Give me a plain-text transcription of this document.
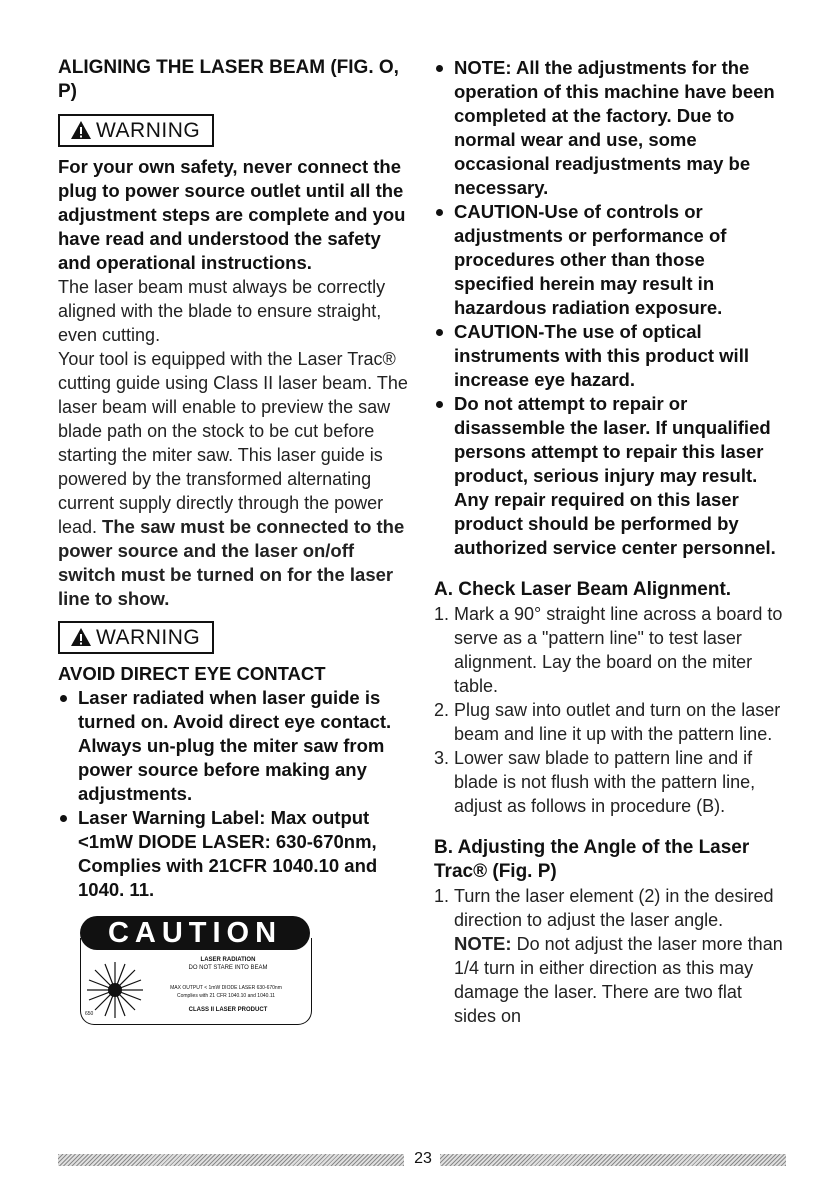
ALIGNING THE LASER BEAM (FIG. O, P)

WARNING

For your own safety, never connect the plug to power source outlet until all the adjustment steps are complete and you have read and understood the safety and operational instructions.

The laser beam must always be correctly aligned with the blade to ensure straight, even cutting.

Your tool is equipped with the Laser Trac® cutting guide using Class II laser beam. The laser beam will enable to preview the saw blade path on the stock to be cut before starting the miter saw. This laser guide is powered by the transformed alternating current supply directly through the power lead. The saw must be connected to the power source and the laser on/off switch must be turned on for the laser line to show.

WARNING

AVOID DIRECT EYE CONTACT

Laser radiated when laser guide is turned on. Avoid direct eye contact. Always un-plug the miter saw from power source before making any adjustments.
Laser Warning Label: Max output <1mW DIODE LASER: 630-670nm, Complies with 21CFR 1040.10 and 1040. 11.
LASER RADIATION
DO NOT STARE INTO BEAM
MAX OUTPUT < 1mW DIODE LASER 630-670nm
Complies with 21 CFR 1040.10 and 1040.11
CLASS II LASER PRODUCT
650
CAUTION
NOTE: All the adjustments for the operation of this machine have been completed at the factory. Due to normal wear and use, some occasional readjustments may be necessary.
CAUTION-Use of controls or adjustments or performance of procedures other than those specified herein may result in hazardous radiation exposure.
CAUTION-The use of optical instruments with this product will increase eye hazard.
Do not attempt to repair or disassemble the laser. If unqualified persons attempt to repair this laser product, serious injury may result. Any repair required on this laser product should be performed by authorized service center personnel.

A. Check Laser Beam Alignment.

1. Mark a 90° straight line across a board to serve as a "pattern line" to test laser alignment. Lay the board on the miter table.
2. Plug saw into outlet and turn on the laser beam and line it up with the pattern line.
3. Lower saw blade to pattern line and if blade is not flush with the pattern line, adjust as follows in procedure (B).

B. Adjusting the Angle of the Laser Trac® (Fig. P)

1. Turn the laser element (2) in the desired direction to adjust the laser angle. NOTE: Do not adjust the laser more than 1/4 turn in either direction as this may damage the laser. There are two flat sides on
23
